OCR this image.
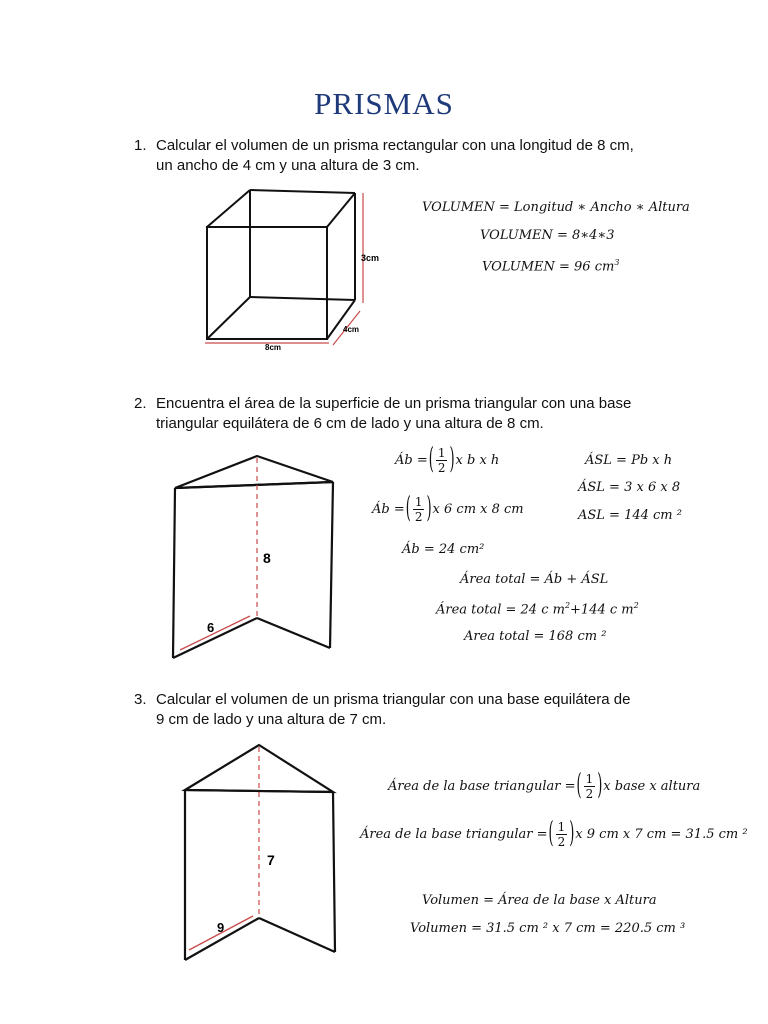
PRISMAS
1. Calcular el volumen de un prisma rectangular con una longitud de 8 cm,
un ancho de 4 cm y una altura de 3 cm.
3cm
4cm
8cm
VOLUMEN = Longitud ∗ Ancho ∗ Altura
VOLUMEN = 8∗4∗3
VOLUMEN = 96 $cm^3$
2. Encuentra el área de la superficie de un prisma triangular con una base
triangular equilátera de 6 cm de lado y una altura de 8 cm.
8
6
Áb =( $\frac{1}{2} )x$ b x h
Áb =( $\frac{1}{2} )x$ 6 cm x 8 cm
Áb = 24 cm²
ÁSL = Pb x h
ÁSL = 3 x 6 x 8
ASL = 144 cm ²
Área total = Áb + ÁSL
Área total = 24 c $m^2+144$ c $m^2$
Area total = 168 cm ²
3. Calcular el volumen de un prisma triangular con una base equilátera de
9 cm de lado y una altura de 7 cm.
7
9
Área de la base triangular =( $\frac{1}{2} )x$ base x altura
Área de la base triangular =( $\frac{1}{2} )x$ 9 cm x 7 cm = 31.5 cm ²
Volumen = Área de la base x Altura
Volumen = 31.5 cm ² x 7 cm = 220.5 cm ³
